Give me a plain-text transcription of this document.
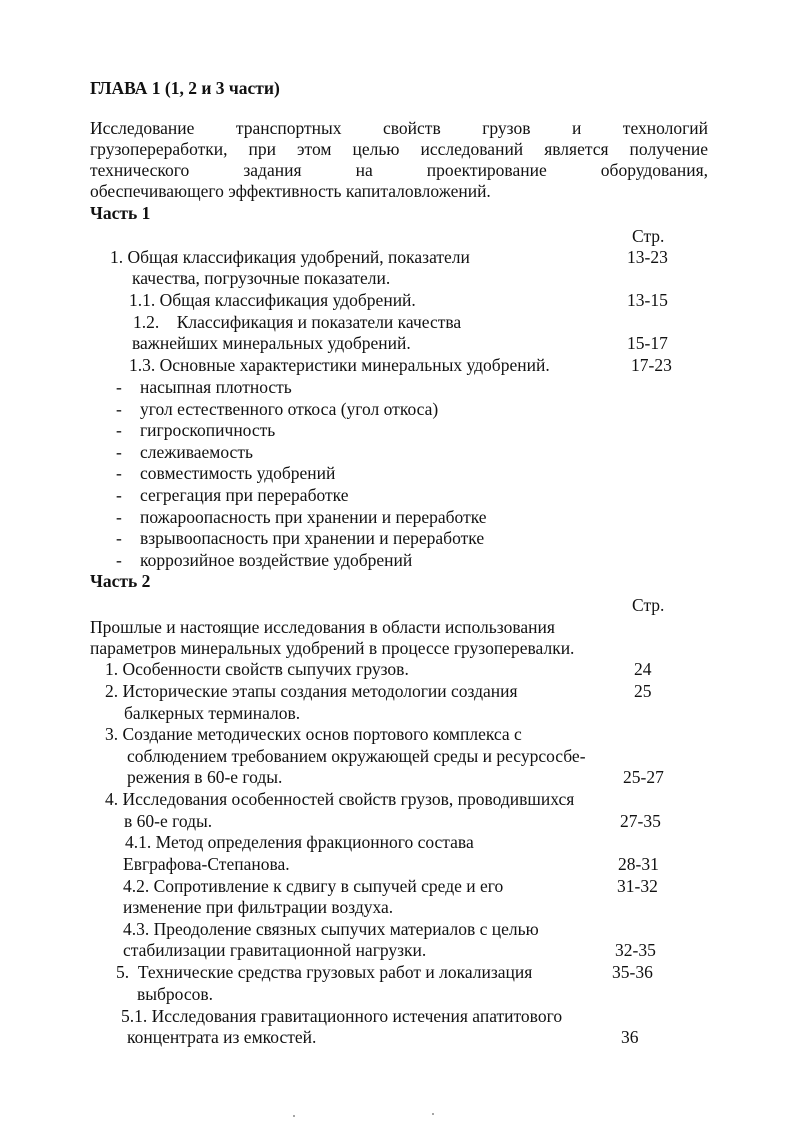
ГЛАВА 1 (1, 2 и 3 части)
Исследование транспортных свойств грузов и технологий
грузопереработки, при этом целью исследований является получение
технического задания на проектирование оборудования,
обеспечивающего эффективность капиталовложений.
Часть 1
Стр.
1. Общая классификация удобрений, показатели	13-23
качества, погрузочные показатели.
1.1. Общая классификация удобрений.	13-15
1.2.    Классификация и показатели качества
важнейших минеральных удобрений.	15-17
1.3. Основные характеристики минеральных удобрений.	17-23
- насыпная плотность
- угол естественного откоса (угол откоса)
- гигроскопичность
- слеживаемость
- совместимость удобрений
- сегрегация при переработке
- пожароопасность при хранении и переработке
- взрывоопасность при хранении и переработке
- коррозийное воздействие удобрений
Часть 2
Стр.
Прошлые и настоящие исследования в области использования
параметров минеральных удобрений в процессе грузоперевалки.
1. Особенности свойств сыпучих грузов.	24
2. Исторические этапы создания методологии создания	25
балкерных терминалов.
3. Создание методических основ портового комплекса с
соблюдением требованием окружающей среды и ресурсосбе-
режения в 60-е годы.	25-27
4. Исследования особенностей свойств грузов, проводившихся
в 60-е годы.	27-35
4.1. Метод определения фракционного состава
Евграфова-Степанова.	28-31
4.2. Сопротивление к сдвигу в сыпучей среде и его	31-32
изменение при фильтрации воздуха.
4.3. Преодоление связных сыпучих материалов с целью
стабилизации гравитационной нагрузки.	32-35
5.  Технические средства грузовых работ и локализация	35-36
выбросов.
5.1. Исследования гравитационного истечения апатитового
концентрата из емкостей.	36
